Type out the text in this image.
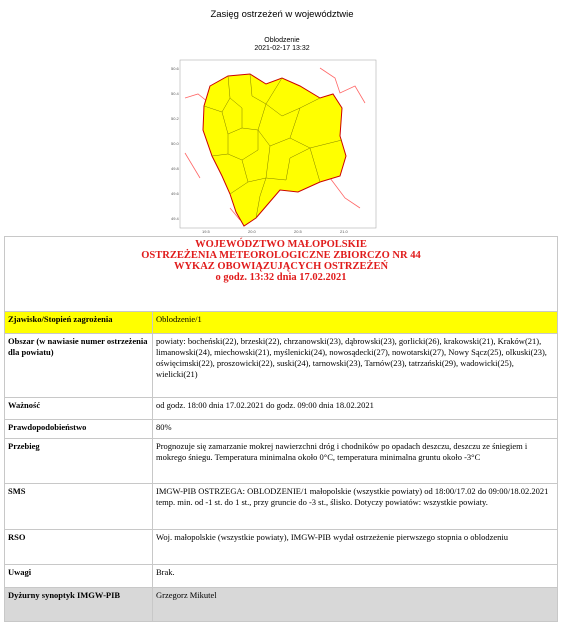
Zasięg ostrzeżeń w województwie
Oblodzenie
2021-02-17 13:32
50.6
50.4
50.2
50.0
49.8
49.6
49.4
19.5	20.0	20.5	21.0
WOJEWÓDZTWO MAŁOPOLSKIE
OSTRZEŻENIA METEOROLOGICZNE ZBIORCZO NR 44
WYKAZ OBOWIĄZUJĄCYCH OSTRZEŻEŃ
o godz. 13:32 dnia 17.02.2021	

Zjawisko/Stopień zagrożenia	Oblodzenie/1
Obszar (w nawiasie numer ostrzeżenia dla powiatu)	powiaty: bocheński(22), brzeski(22), chrzanowski(23), dąbrowski(23), gorlicki(26), krakowski(21), Kraków(21), limanowski(24), miechowski(21), myślenicki(24), nowosądecki(27), nowotarski(27), Nowy Sącz(25), olkuski(23), oświęcimski(22), proszowicki(22), suski(24), tarnowski(23), Tarnów(23), tatrzański(29), wadowicki(25), wielicki(21)
Ważność	od godz. 18:00 dnia 17.02.2021 do godz. 09:00 dnia 18.02.2021
Prawdopodobieństwo	80%
Przebieg	Prognozuje się zamarzanie mokrej nawierzchni dróg i chodników po opadach deszczu, deszczu ze śniegiem i mokrego śniegu. Temperatura minimalna około 0°C, temperatura minimalna gruntu około -3°C
SMS	IMGW-PIB OSTRZEGA: OBLODZENIE/1 małopolskie (wszystkie powiaty) od 18:00/17.02 do 09:00/18.02.2021 temp. min. od -1 st. do 1 st., przy gruncie do -3 st., ślisko. Dotyczy powiatów: wszystkie powiaty.
RSO	Woj. małopolskie (wszystkie powiaty), IMGW-PIB wydał ostrzeżenie pierwszego stopnia o oblodzeniu
Uwagi	Brak.
Dyżurny synoptyk IMGW-PIB	Grzegorz Mikutel
